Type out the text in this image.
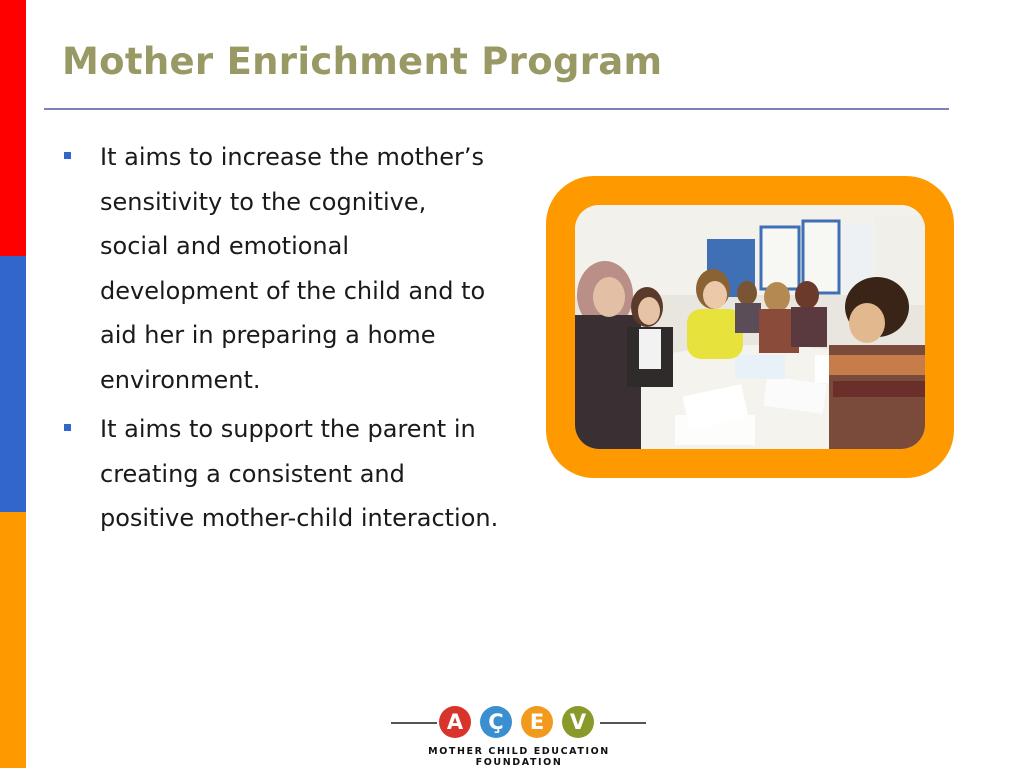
Mother Enrichment Program
It aims to increase the mother’s sensitivity to the cognitive, social and emotional development of the child and to aid her in preparing a home environment.
It aims to support the parent in creating a consistent and positive mother-child interaction.
A	Ç	E	V
MOTHER CHILD EDUCATION FOUNDATION
